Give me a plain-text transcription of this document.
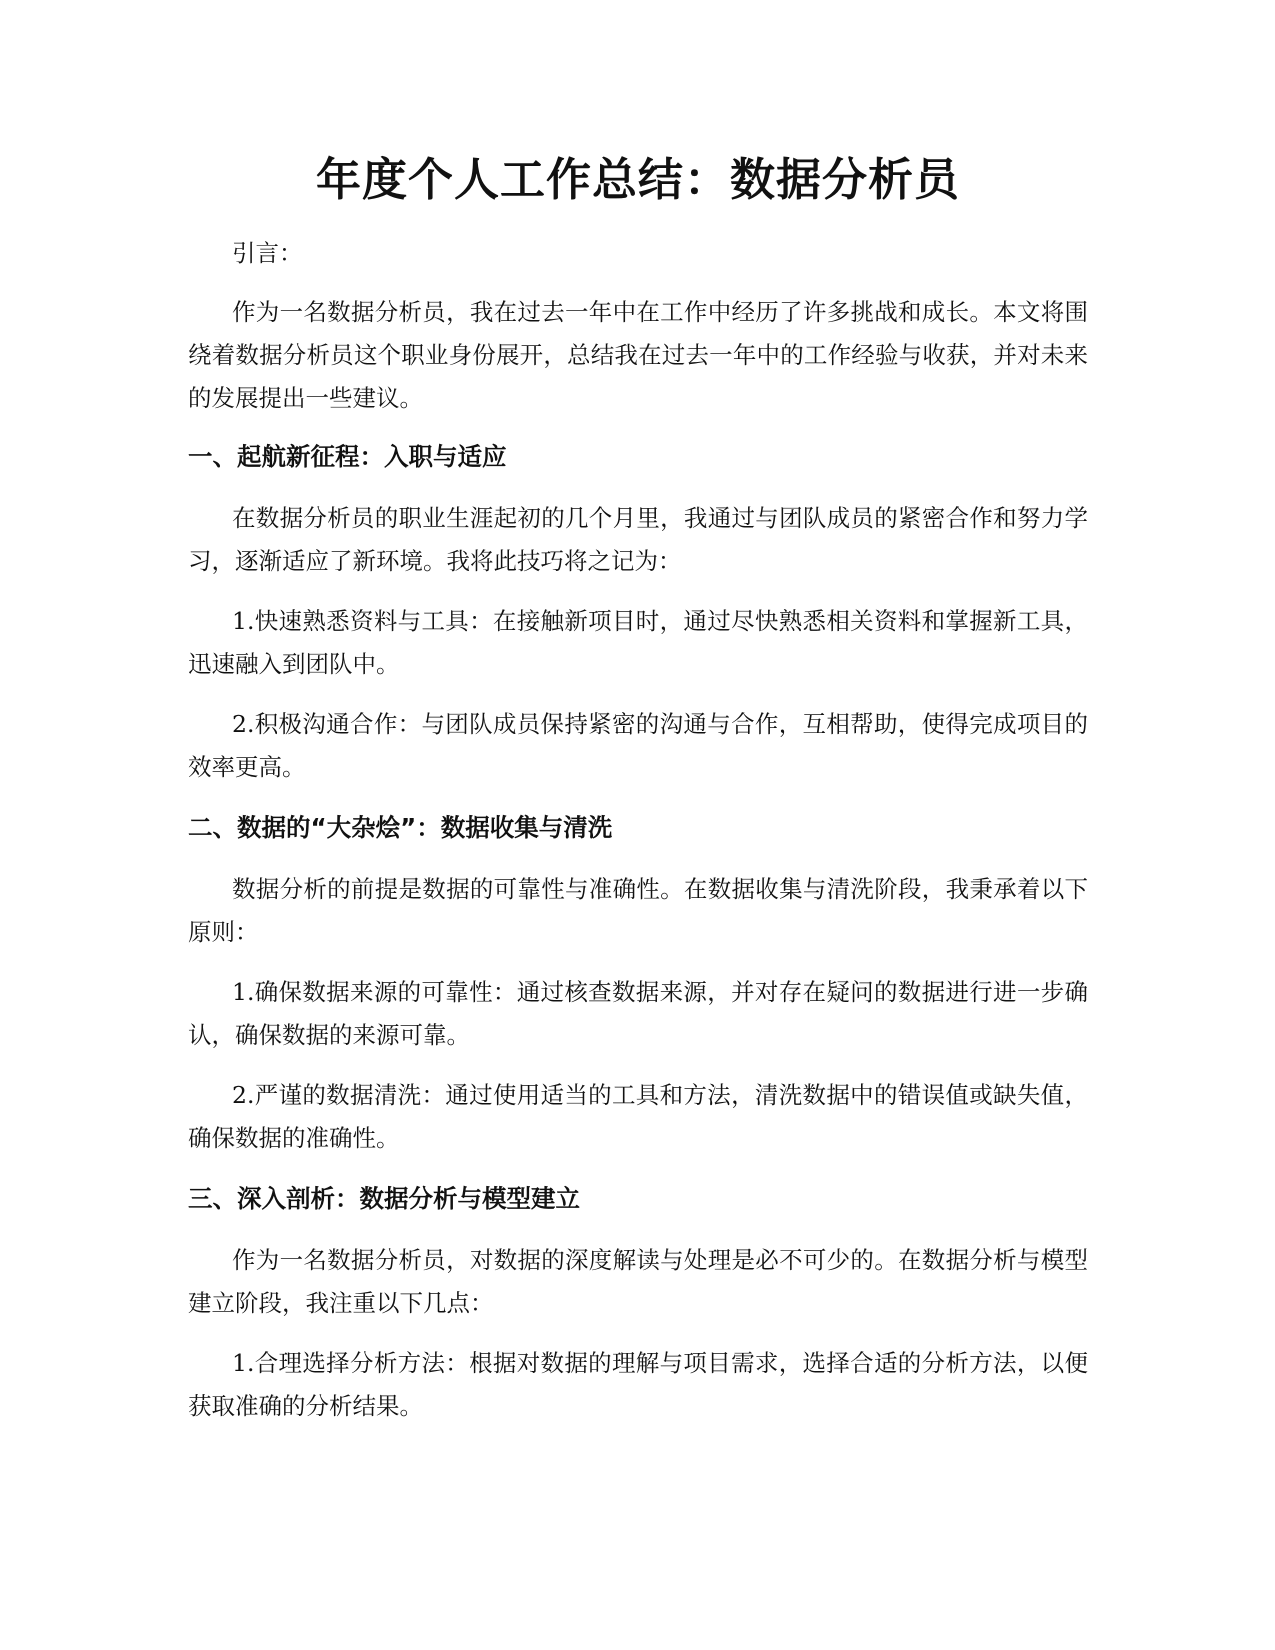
年度个人工作总结：数据分析员

引言：

作为一名数据分析员，我在过去一年中在工作中经历了许多挑战和成长。本文将围绕着数据分析员这个职业身份展开，总结我在过去一年中的工作经验与收获，并对未来的发展提出一些建议。

一、起航新征程：入职与适应

在数据分析员的职业生涯起初的几个月里，我通过与团队成员的紧密合作和努力学习，逐渐适应了新环境。我将此技巧将之记为：

1.快速熟悉资料与工具：在接触新项目时，通过尽快熟悉相关资料和掌握新工具，迅速融入到团队中。

2.积极沟通合作：与团队成员保持紧密的沟通与合作，互相帮助，使得完成项目的效率更高。

二、数据的“大杂烩”：数据收集与清洗

数据分析的前提是数据的可靠性与准确性。在数据收集与清洗阶段，我秉承着以下原则：

1.确保数据来源的可靠性：通过核查数据来源，并对存在疑问的数据进行进一步确认，确保数据的来源可靠。

2.严谨的数据清洗：通过使用适当的工具和方法，清洗数据中的错误值或缺失值，确保数据的准确性。

三、深入剖析：数据分析与模型建立

作为一名数据分析员，对数据的深度解读与处理是必不可少的。在数据分析与模型建立阶段，我注重以下几点：

1.合理选择分析方法：根据对数据的理解与项目需求，选择合适的分析方法，以便获取准确的分析结果。
